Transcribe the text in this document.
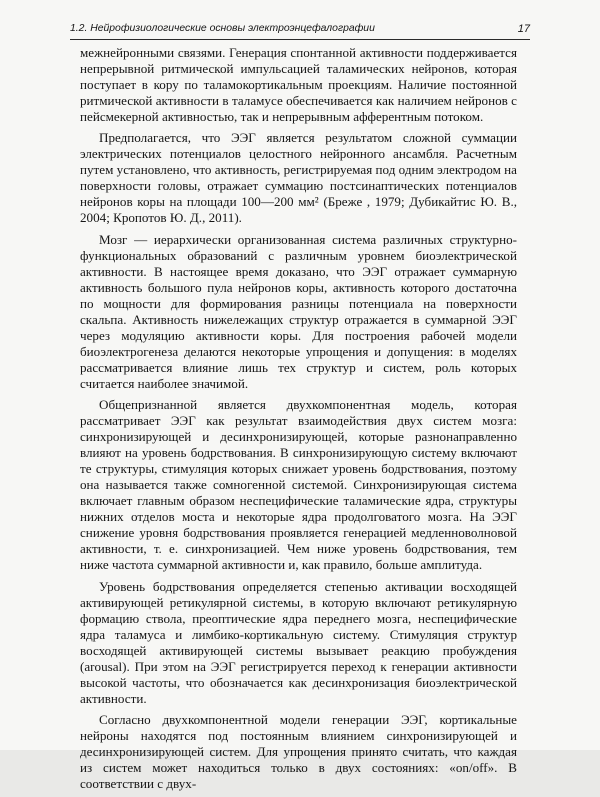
1.2. Нейрофизиологические основы электроэнцефалографии	17

межнейронными связями. Генерация спонтанной активности поддерживается непрерывной ритмической импульсацией таламических нейронов, которая поступает в кору по таламокортикальным проекциям. Наличие постоянной ритмической активности в таламусе обеспечивается как наличием нейронов с пейсмекерной активностью, так и непрерывным афферентным потоком.

Предполагается, что ЭЭГ является результатом сложной суммации электрических потенциалов целостного нейронного ансамбля. Расчетным путем установлено, что активность, регистрируемая под одним электродом на поверхности головы, отражает суммацию постсинаптических потенциалов нейронов коры на площади 100—200 мм² (Бреже , 1979; Дубикайтис Ю. В., 2004; Кропотов Ю. Д., 2011).

Мозг — иерархически организованная система различных структурно-функциональных образований с различным уровнем биоэлектрической активности. В настоящее время доказано, что ЭЭГ отражает суммарную активность большого пула нейронов коры, активность которого достаточна по мощности для формирования разницы потенциала на поверхности скальпа. Активность нижележащих структур отражается в суммарной ЭЭГ через модуляцию активности коры. Для построения рабочей модели биоэлектрогенеза делаются некоторые упрощения и допущения: в моделях рассматривается влияние лишь тех структур и систем, роль которых считается наиболее значимой.

Общепризнанной является двухкомпонентная модель, которая рассматривает ЭЭГ как результат взаимодействия двух систем мозга: синхронизирующей и десинхронизирующей, которые разнонаправленно влияют на уровень бодрствования. В синхронизирующую систему включают те структуры, стимуляция которых снижает уровень бодрствования, поэтому она называется также сомногенной системой. Синхронизирующая система включает главным образом неспецифические таламические ядра, структуры нижних отделов моста и некоторые ядра продолговатого мозга. На ЭЭГ снижение уровня бодрствования проявляется генерацией медленноволновой активности, т. е. синхронизацией. Чем ниже уровень бодрствования, тем ниже частота суммарной активности и, как правило, больше амплитуда.

Уровень бодрствования определяется степенью активации восходящей активирующей ретикулярной системы, в которую включают ретикулярную формацию ствола, преоптические ядра переднего мозга, неспецифические ядра таламуса и лимбико-кортикальную систему. Стимуляция структур восходящей активирующей системы вызывает реакцию пробуждения (arousal). При этом на ЭЭГ регистрируется переход к генерации активности высокой частоты, что обозначается как десинхронизация биоэлектрической активности.

Согласно двухкомпонентной модели генерации ЭЭГ, кортикальные нейроны находятся под постоянным влиянием синхронизирующей и десинхронизирующей систем. Для упрощения принято считать, что каждая из систем может находиться только в двух состояниях: «on/off». В соответствии с двух-
